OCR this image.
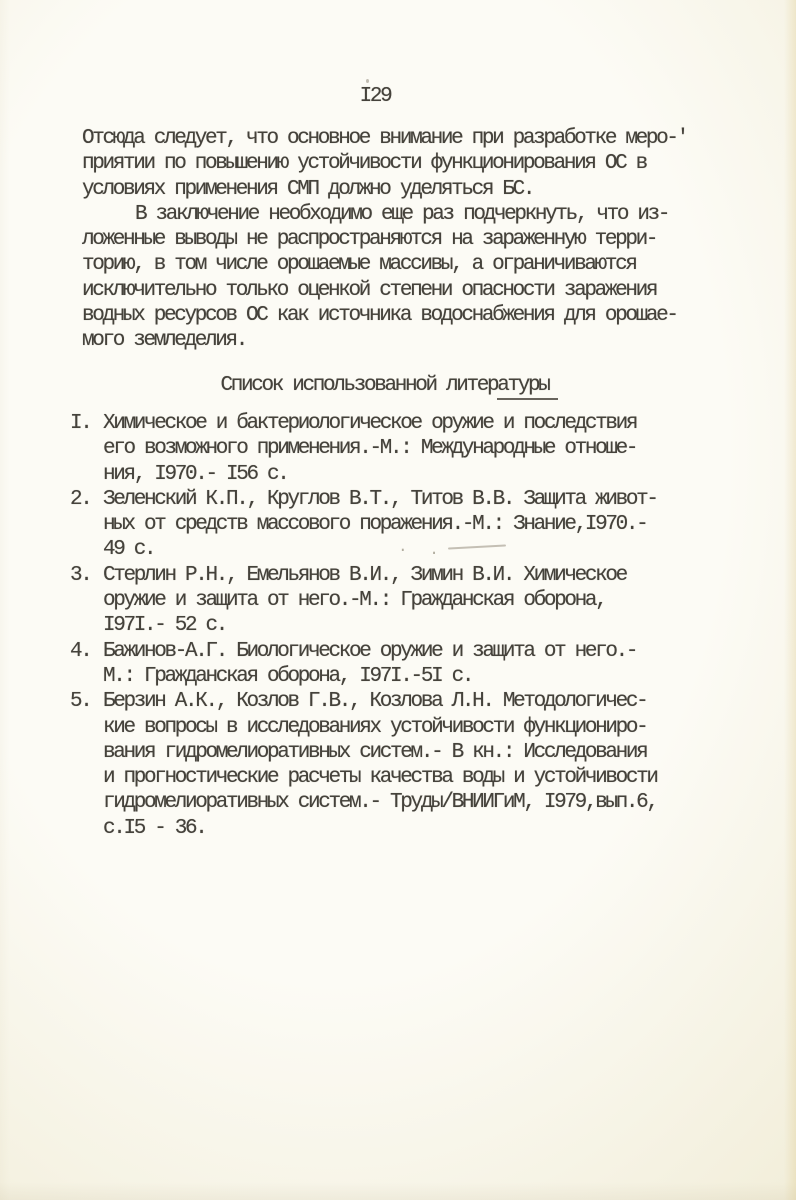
I29
Отсюда следует, что основное внимание при разработке меро-'
приятии по повышению устойчивости функционирования ОС в
условиях применения СМП должно уделяться БС.
В заключение необходимо еще раз подчеркнуть, что из-
ложенные выводы не распространяются на зараженную терри-
торию, в том числе орошаемые массивы, а ограничиваются
исключительно только оценкой степени опасности заражения
водных ресурсов ОС как источника водоснабжения для орошае-
мого земледелия.
Список использованной литературы
I. Химическое и бактериологическое оружие и последствия
его возможного применения.-М.: Международные отноше-
ния, I970.- I56 с.
2. Зеленский К.П., Круглов В.Т., Титов В.В. Защита живот-
ных от средств массового поражения.-М.: Знание,I970.-
49 с.
3. Стерлин Р.Н., Емельянов В.И., Зимин В.И. Химическое
оружие и защита от него.-М.: Гражданская оборона,
I97I.- 52 с.
4. Бажинов-А.Г. Биологическое оружие и защита от него.-
М.: Гражданская оборона, I97I.-5I с.
5. Берзин А.К., Козлов Г.В., Козлова Л.Н. Методологичес-
кие вопросы в исследованиях устойчивости функциониро-
вания гидромелиоративных систем.- В кн.: Исследования
и прогностические расчеты качества воды и устойчивости
гидромелиоративных систем.- Труды/ВНИИГиМ, I979,вып.6,
с.I5 - 36.
· .
